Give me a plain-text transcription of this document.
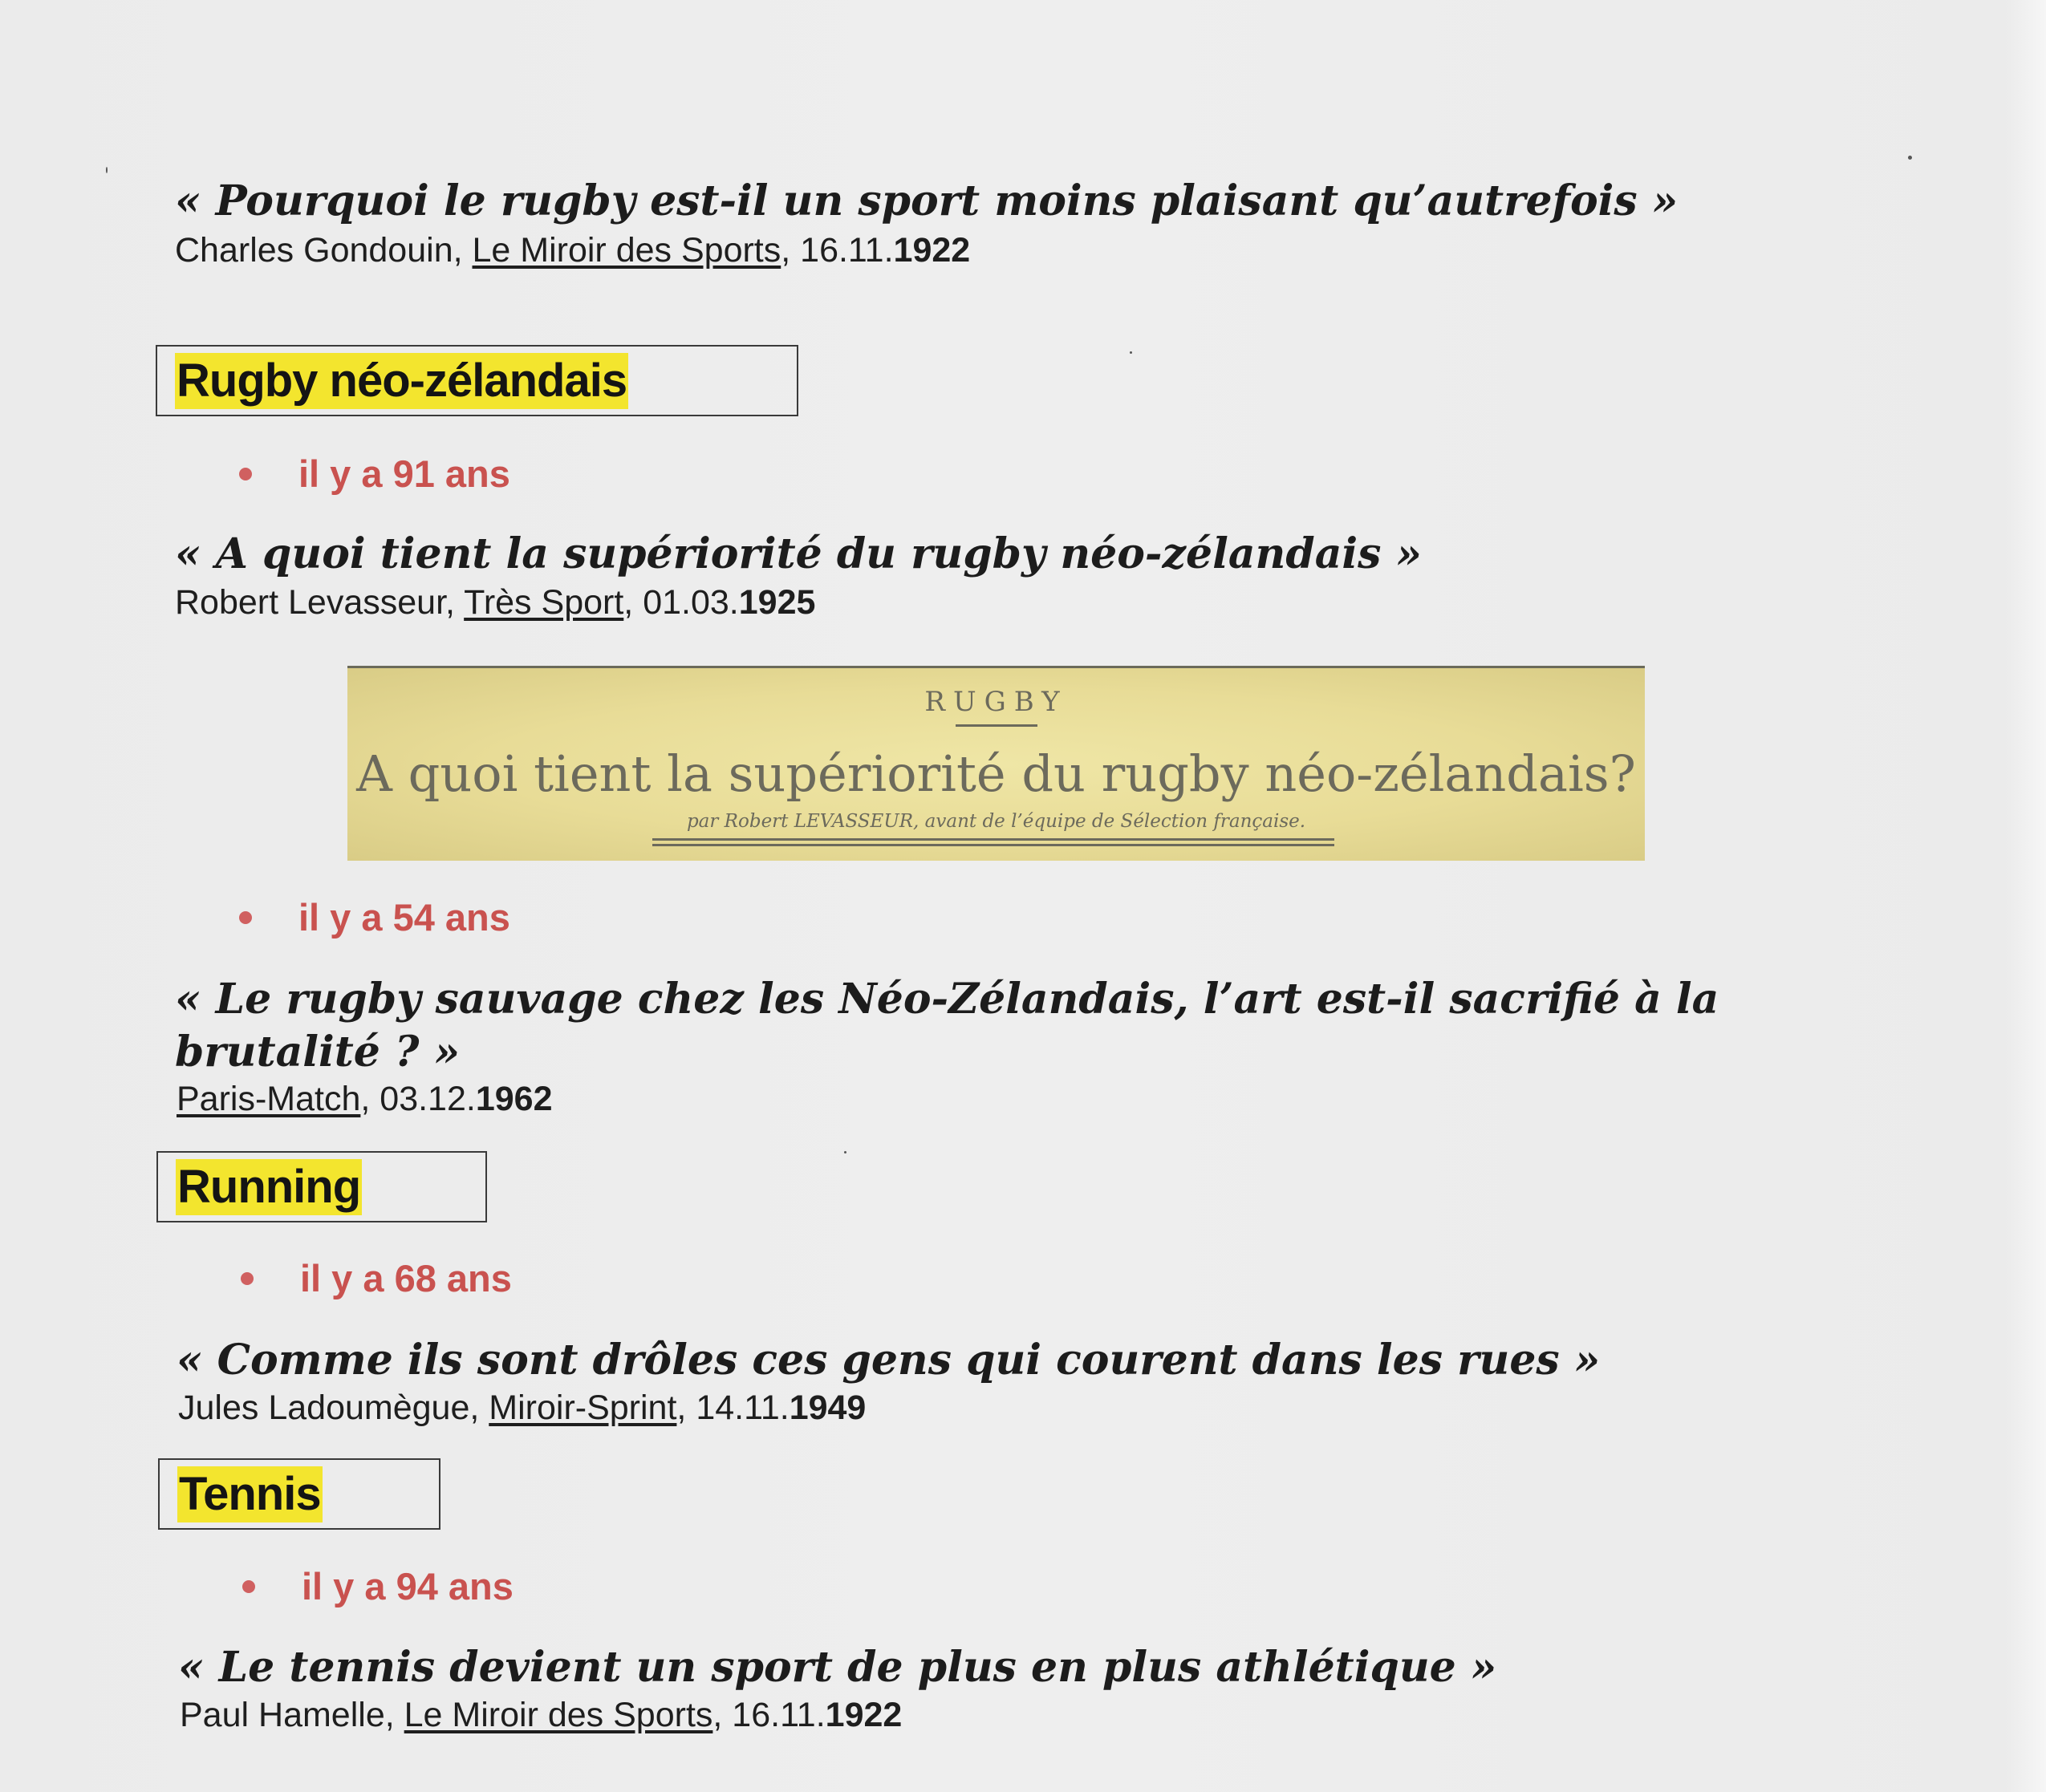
« Pourquoi le rugby est-il un sport moins plaisant qu’autrefois »

Charles Gondouin, Le Miroir des Sports, 16.11.1922

Rugby néo-zélandais
il y a 91 ans

« A quoi tient la supériorité du rugby néo-zélandais »

Robert Levasseur, Très Sport, 01.03.1925

RUGBY
A quoi tient la supériorité du rugby néo-zélandais?
par Robert LEVASSEUR, avant de l’équipe de Sélection française.
il y a 54 ans

« Le rugby sauvage chez les Néo-Zélandais, l’art est-il sacrifié à la brutalité ? »

Paris-Match, 03.12.1962

Running
il y a 68 ans

« Comme ils sont drôles ces gens qui courent dans les rues »

Jules Ladoumègue, Miroir-Sprint, 14.11.1949

Tennis
il y a 94 ans

« Le tennis devient un sport de plus en plus athlétique »

Paul Hamelle, Le Miroir des Sports, 16.11.1922
